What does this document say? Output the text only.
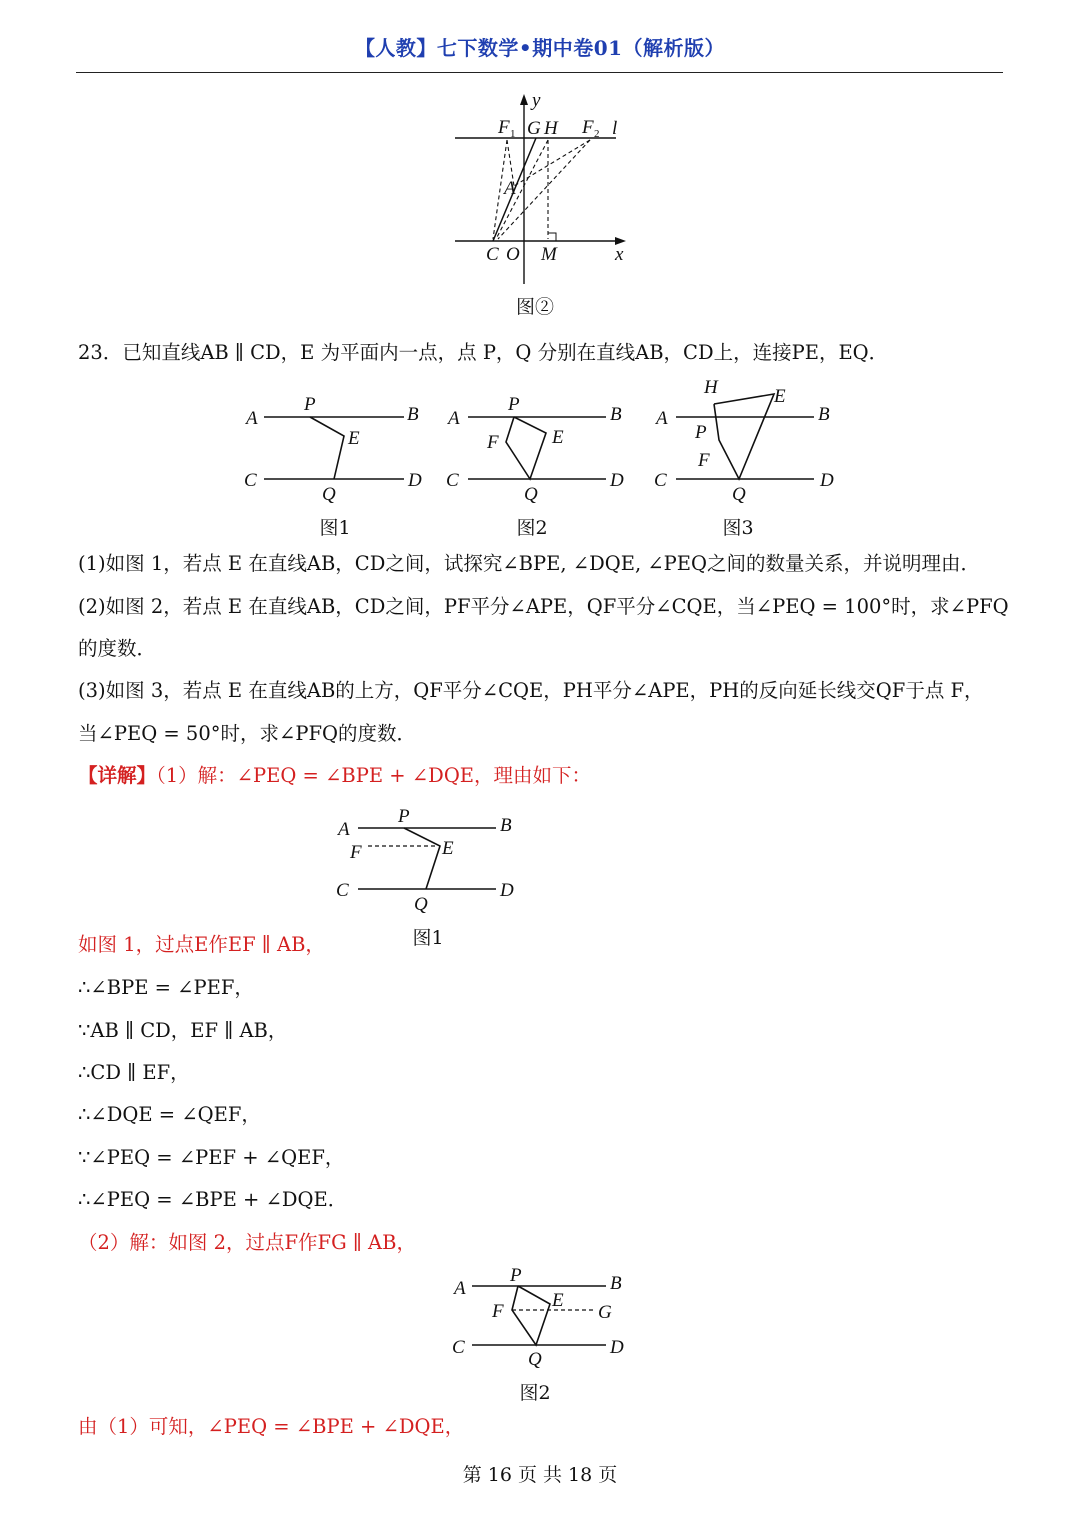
【人教】七下数学•期中卷01（解析版）
y
x
F 1 G H F 2 l
A
C O M
图②
23．已知直线AB ∥ CD，E 为平面内一点，点 P，Q 分别在直线AB，CD上，连接PE，EQ．
A	B
C	D
P
E
Q
A	B
C	D
P
E
F
Q
A	B
C	D
H	E
P
F
Q
图1	图2	图3
(1)如图 1，若点 E 在直线AB，CD之间，试探究∠BPE, ∠DQE, ∠PEQ之间的数量关系，并说明理由．
(2)如图 2，若点 E 在直线AB，CD之间，PF平分∠APE，QF平分∠CQE，当∠PEQ = 100°时，求∠PFQ
的度数．
(3)如图 3，若点 E 在直线AB的上方，QF平分∠CQE，PH平分∠APE，PH的反向延长线交QF于点 F，
当∠PEQ = 50°时，求∠PFQ的度数．
【详解】（1）解：∠PEQ = ∠BPE + ∠DQE，理由如下：
A	B
C	D
P
E
F
Q
图1
如图 1，过点E作EF ∥ AB，
∴∠BPE = ∠PEF，
∵AB ∥ CD，EF ∥ AB，
∴CD ∥ EF，
∴∠DQE = ∠QEF，
∵∠PEQ = ∠PEF + ∠QEF，
∴∠PEQ = ∠BPE + ∠DQE．
（2）解：如图 2，过点F作FG ∥ AB，
A	B
C	D
P
E
F	G
Q
图2
由（1）可知，∠PEQ = ∠BPE + ∠DQE，
第 16 页 共 18 页
